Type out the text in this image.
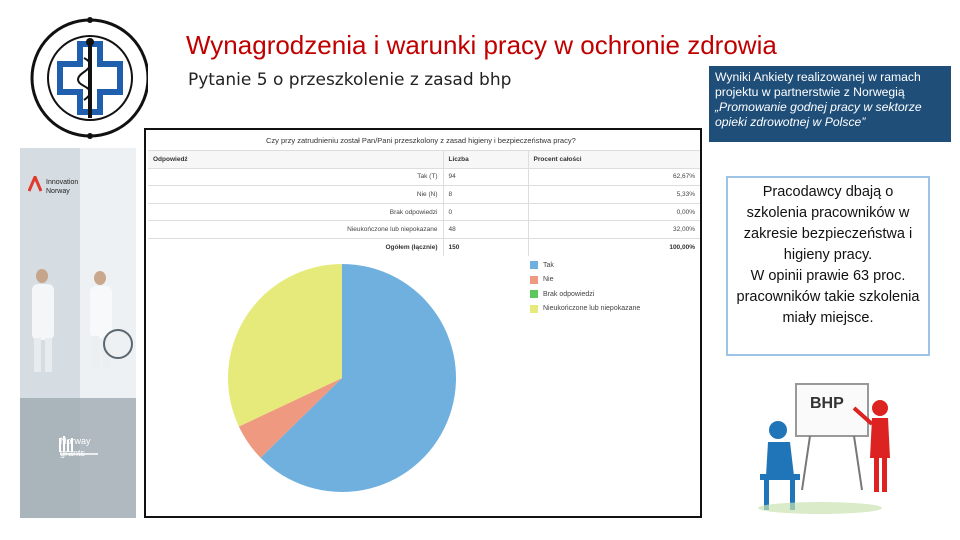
Wynagrodzenia i warunki pracy w ochronie zdrowia
Pytanie 5 o przeszkolenie z zasad bhp	Wyniki Ankiety realizowanej w ramach projektu w partnerstwie z Norwegią
„Promowanie godnej pracy w sektorze opieki zdrowotnej w Polsce”
Innovation
Norway
Norway
grants
Czy przy zatrudnieniu został Pan/Pani przeszkolony z zasad higieny i bezpieczeństwa pracy?
Odpowiedź	Liczba	Procent całości
Tak (T)	94	62,67%
Nie (N)	8	5,33%
Brak odpowiedzi	0	0,00%
Nieukończone lub niepokazane	48	32,00%
Ogółem (łącznie)	150	100,00%
Tak
Nie
Brak odpowiedzi
Nieukończone lub niepokazane

Pracodawcy dbają o szkolenia pracowników w zakresie bezpieczeństwa i higieny pracy.

W opinii prawie 63 proc. pracowników takie szkolenia miały miejsce.

BHP
